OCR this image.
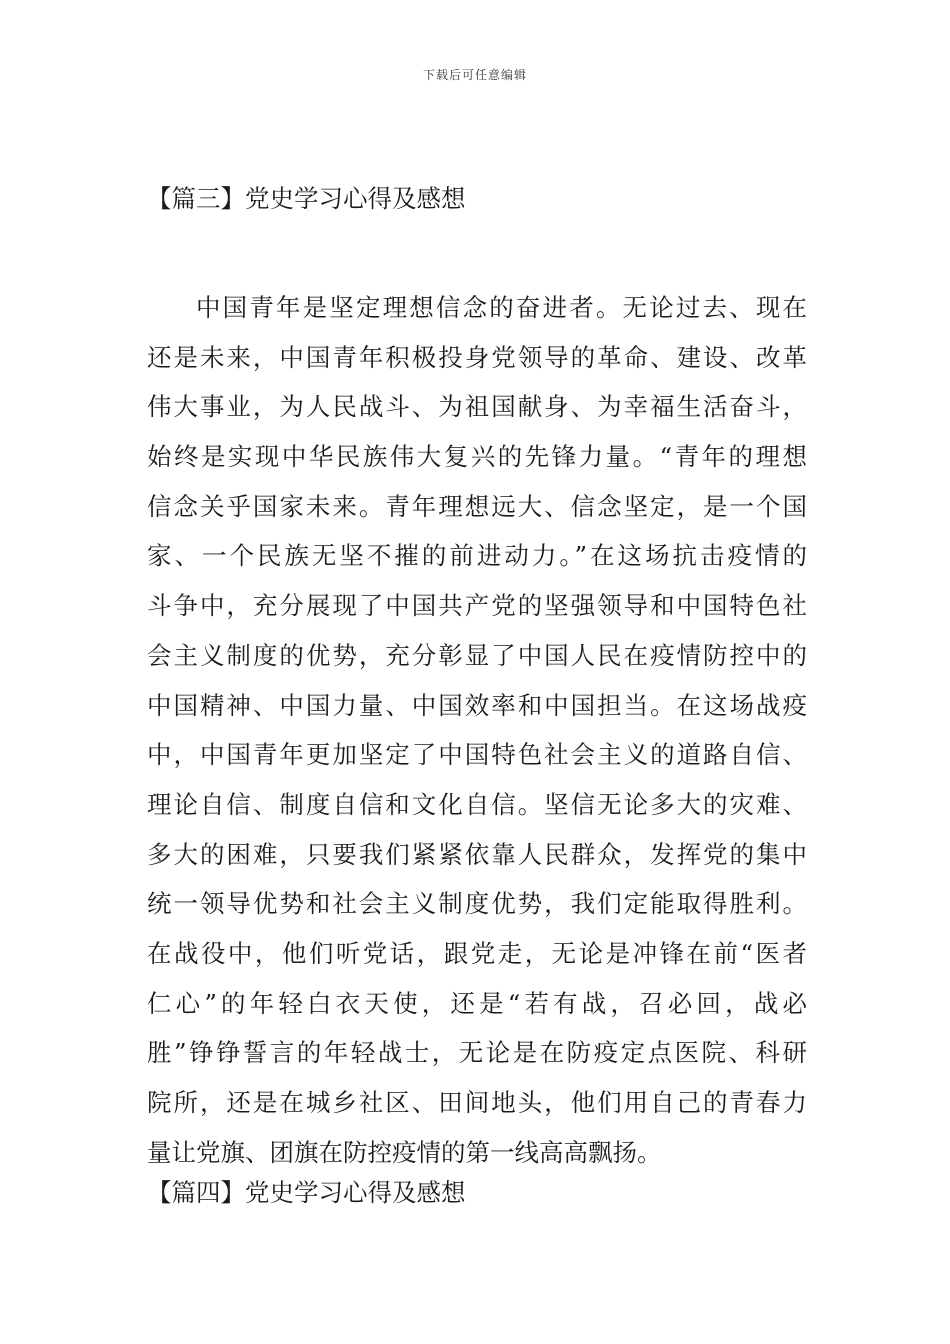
下载后可任意编辑
【篇三】党史学习心得及感想

中国青年是坚定理想信念的奋进者。无论过去、现在
还是未来，中国青年积极投身党领导的革命、建设、改革
伟大事业，为人民战斗、为祖国献身、为幸福生活奋斗，
始终是实现中华民族伟大复兴的先锋力量。“青年的理想
信念关乎国家未来。青年理想远大、信念坚定，是一个国
家、一个民族无坚不摧的前进动力。”在这场抗击疫情的
斗争中，充分展现了中国共产党的坚强领导和中国特色社
会主义制度的优势，充分彰显了中国人民在疫情防控中的
中国精神、中国力量、中国效率和中国担当。在这场战疫
中，中国青年更加坚定了中国特色社会主义的道路自信、
理论自信、制度自信和文化自信。坚信无论多大的灾难、
多大的困难，只要我们紧紧依靠人民群众，发挥党的集中
统一领导优势和社会主义制度优势，我们定能取得胜利。
在战役中，他们听党话，跟党走，无论是冲锋在前“医者
仁心”的年轻白衣天使，还是“若有战，召必回，战必
胜”铮铮誓言的年轻战士，无论是在防疫定点医院、科研
院所，还是在城乡社区、田间地头，他们用自己的青春力
量让党旗、团旗在防控疫情的第一线高高飘扬。

【篇四】党史学习心得及感想
